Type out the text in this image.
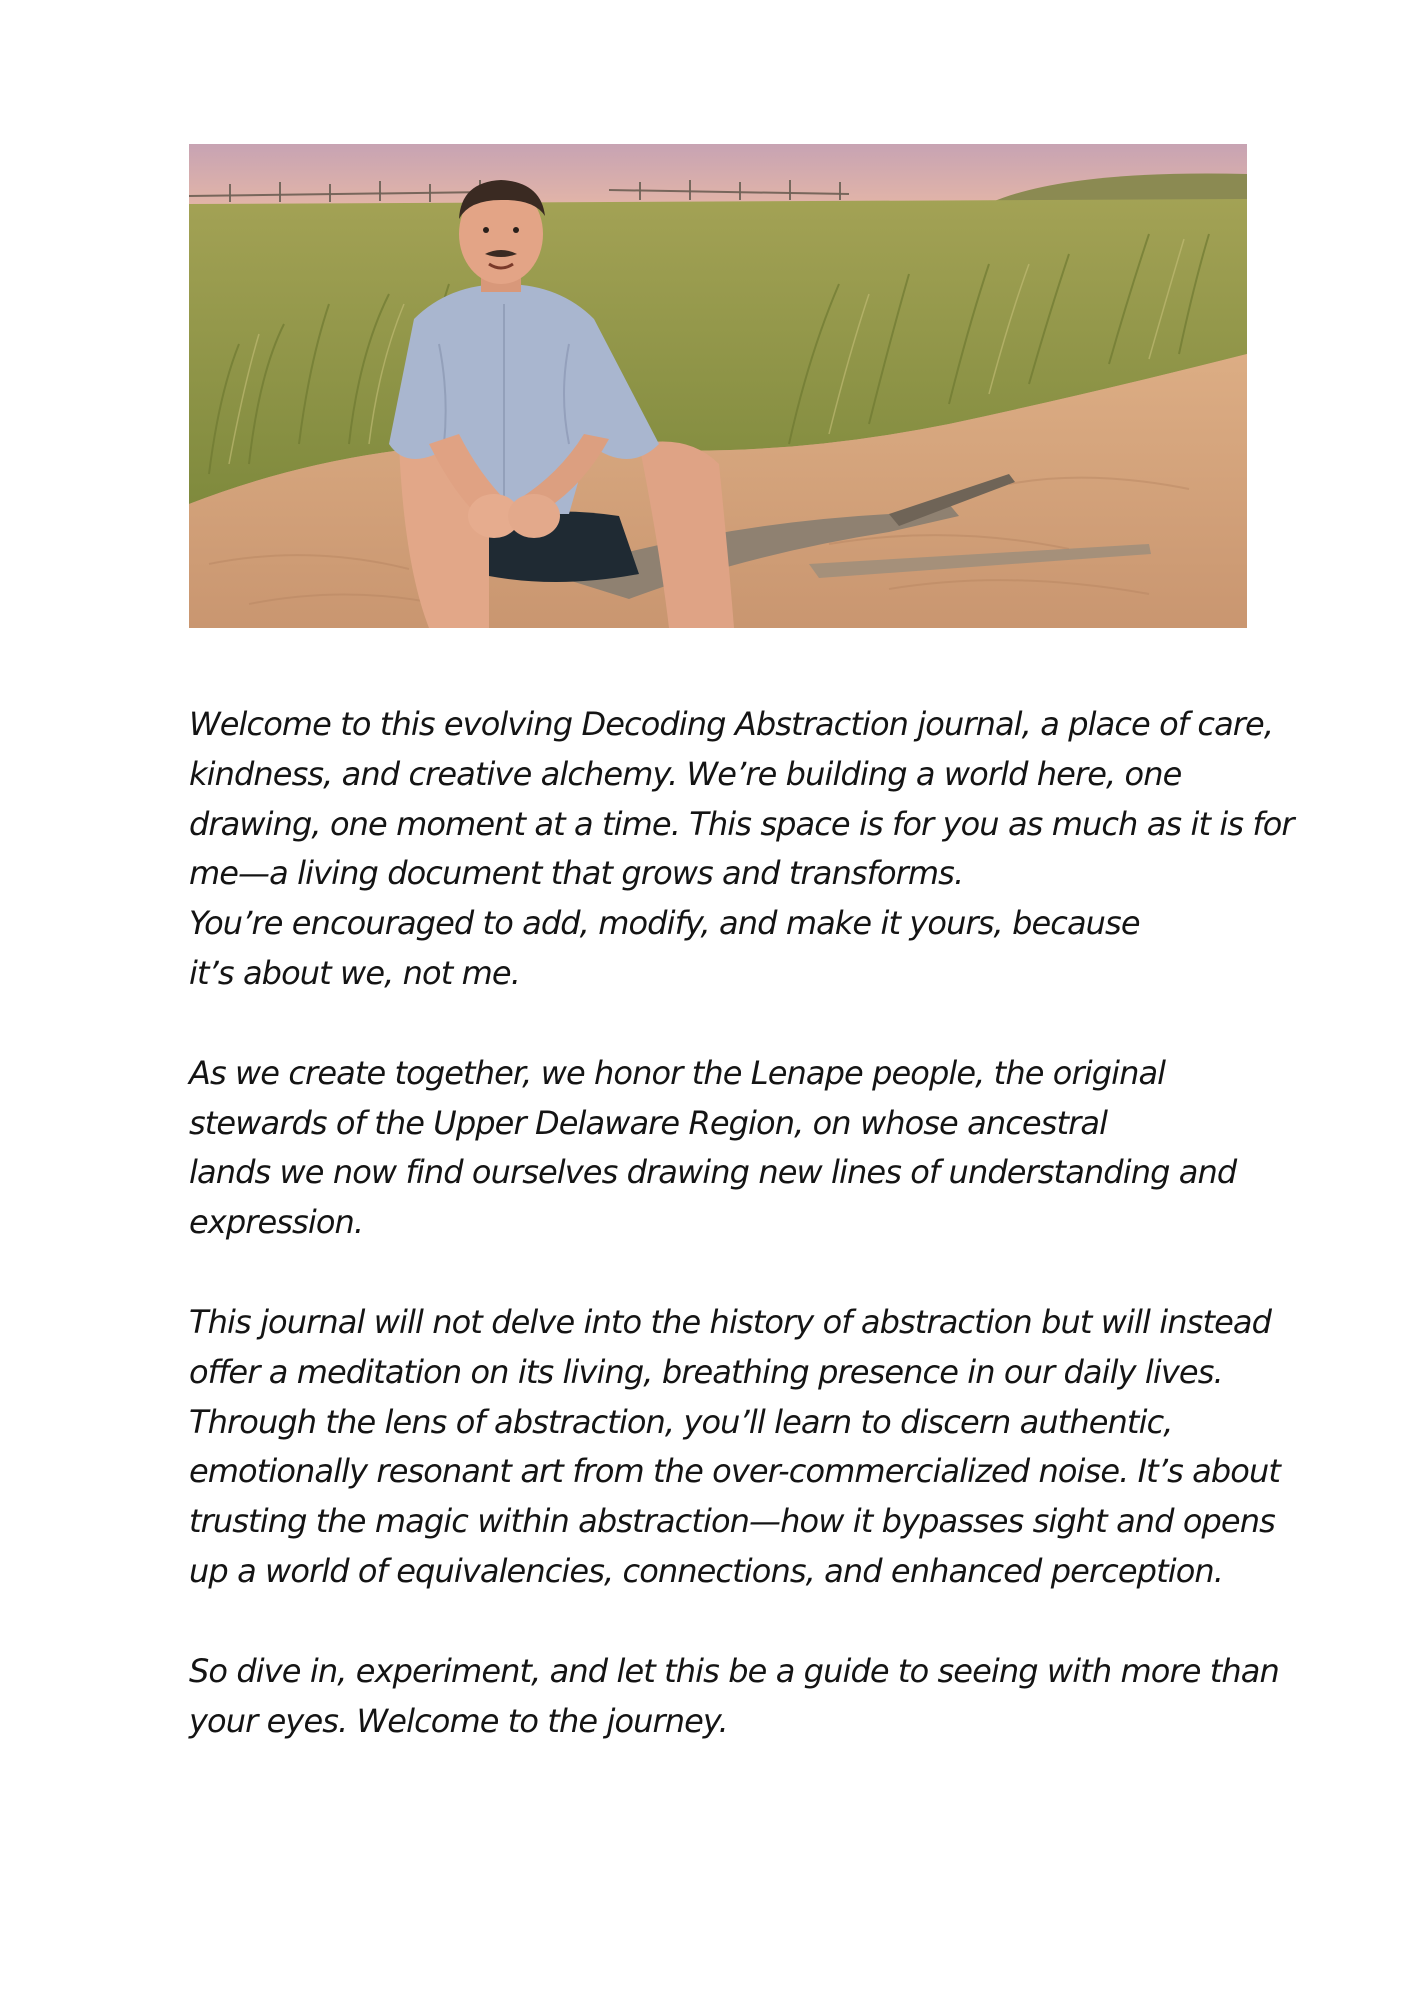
Welcome to this evolving Decoding Abstraction journal, a place of care,
kindness, and creative alchemy. We’re building a world here, one
drawing, one moment at a time. This space is for you as much as it is for
me—a living document that grows and transforms.
You’re encouraged to add, modify, and make it yours, because
it’s about we, not me.

As we create together, we honor the Lenape people, the original
stewards of the Upper Delaware Region, on whose ancestral
lands we now find ourselves drawing new lines of understanding and
expression.

This journal will not delve into the history of abstraction but will instead
offer a meditation on its living, breathing presence in our daily lives.
Through the lens of abstraction, you’ll learn to discern authentic,
emotionally resonant art from the over-commercialized noise. It’s about
trusting the magic within abstraction—how it bypasses sight and opens
up a world of equivalencies, connections, and enhanced perception.

So dive in, experiment, and let this be a guide to seeing with more than
your eyes. Welcome to the journey.
